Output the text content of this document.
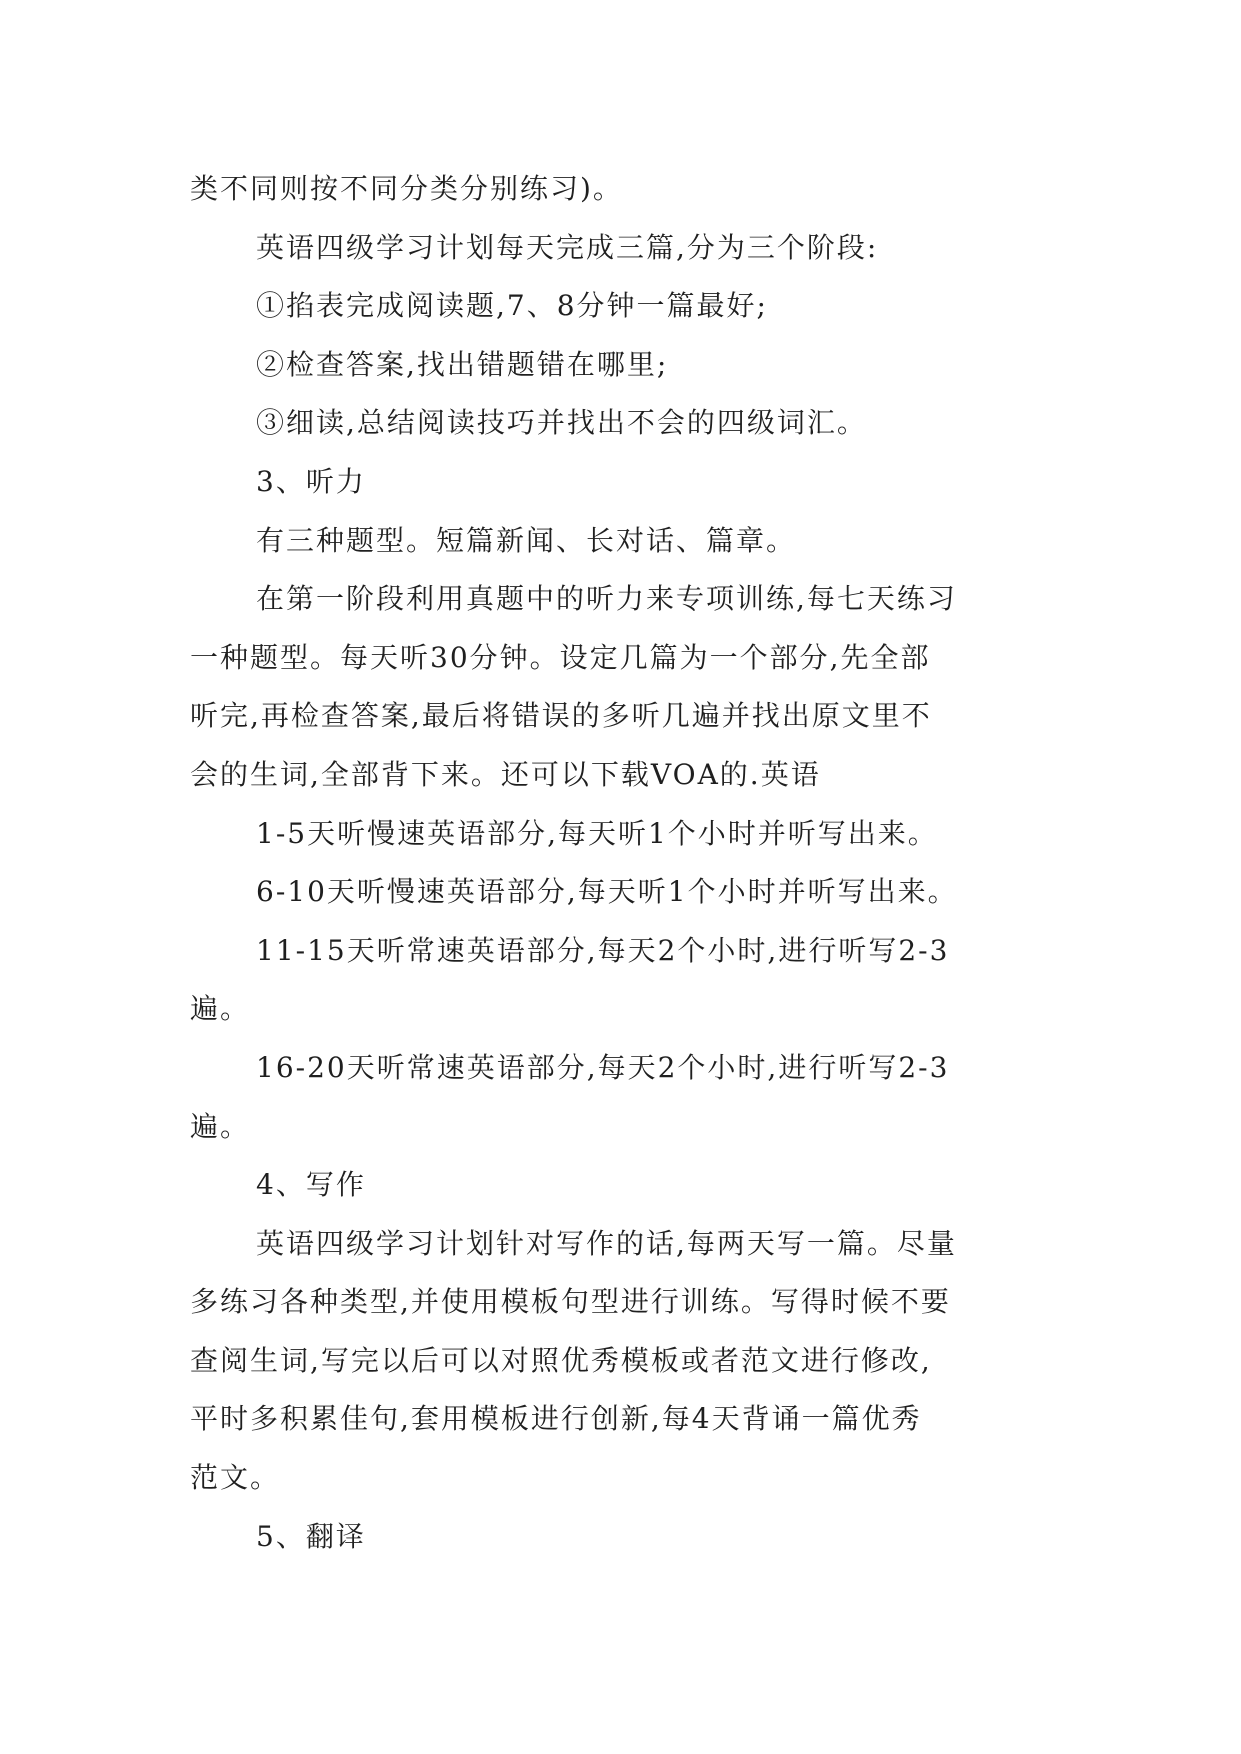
类不同则按不同分类分别练习)。
英语四级学习计划每天完成三篇,分为三个阶段:
①掐表完成阅读题,7、8分钟一篇最好;
②检查答案,找出错题错在哪里;
③细读,总结阅读技巧并找出不会的四级词汇。
3、听力
有三种题型。短篇新闻、长对话、篇章。
在第一阶段利用真题中的听力来专项训练,每七天练习
一种题型。每天听30分钟。设定几篇为一个部分,先全部
听完,再检查答案,最后将错误的多听几遍并找出原文里不
会的生词,全部背下来。还可以下载VOA的.英语
1-5天听慢速英语部分,每天听1个小时并听写出来。
6-10天听慢速英语部分,每天听1个小时并听写出来。
11-15天听常速英语部分,每天2个小时,进行听写2-3
遍。
16-20天听常速英语部分,每天2个小时,进行听写2-3
遍。
4、写作
英语四级学习计划针对写作的话,每两天写一篇。尽量
多练习各种类型,并使用模板句型进行训练。写得时候不要
查阅生词,写完以后可以对照优秀模板或者范文进行修改,
平时多积累佳句,套用模板进行创新,每4天背诵一篇优秀
范文。
5、翻译
